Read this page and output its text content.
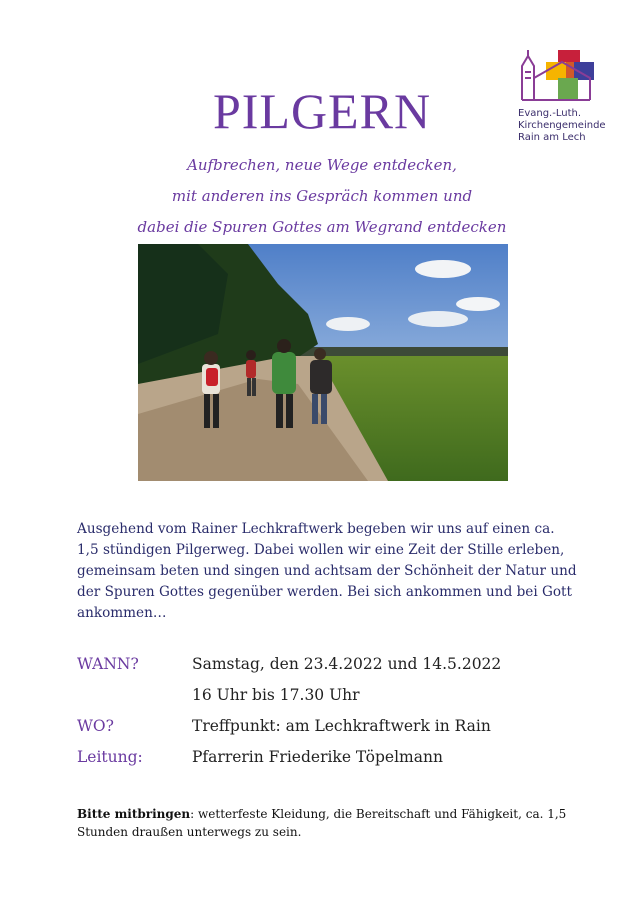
Evang.-Luth.
Kirchengemeinde
Rain am Lech
PILGERN
Aufbrechen, neue Wege entdecken,
mit anderen ins Gespräch kommen und
dabei die Spuren Gottes am Wegrand entdecken
Ausgehend vom Rainer Lechkraftwerk begeben wir uns auf einen ca. 1,5 stündigen Pilgerweg. Dabei wollen wir eine Zeit der Stille erleben, gemeinsam beten und singen und achtsam der Schönheit der Natur und der Spuren Gottes gegenüber werden. Bei sich ankommen und bei Gott ankommen…
WANN?	Samstag, den 23.4.2022 und 14.5.2022
16 Uhr bis 17.30 Uhr
WO?	Treffpunkt: am Lechkraftwerk in Rain
Leitung:	Pfarrerin Friederike Töpelmann
Bitte mitbringen: wetterfeste Kleidung, die Bereitschaft und Fähigkeit, ca. 1,5 Stunden draußen unterwegs zu sein.
